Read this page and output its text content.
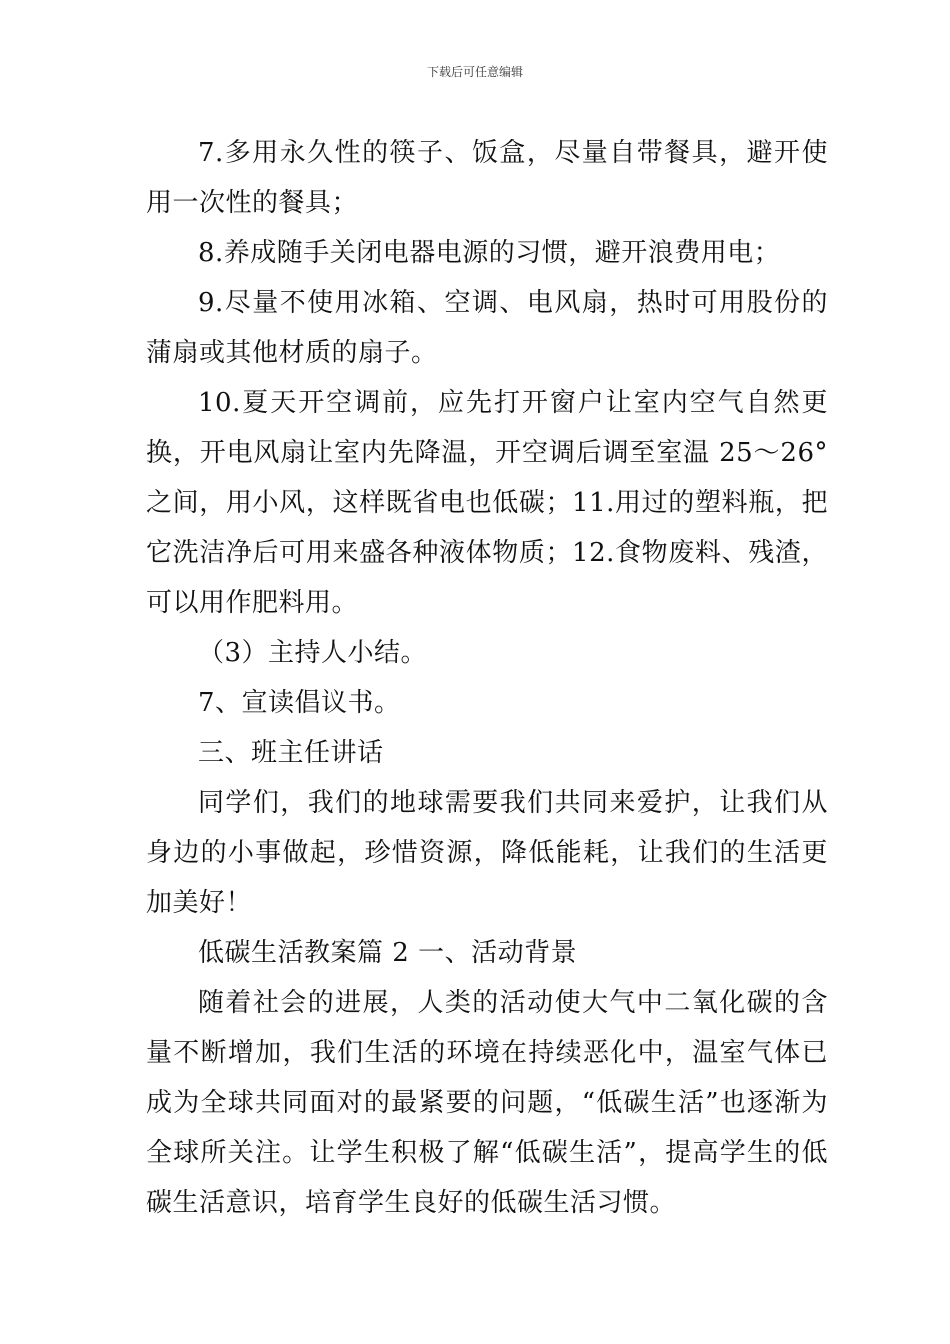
下载后可任意编辑

7.多用永久性的筷子、饭盒，尽量自带餐具，避开使用一次性的餐具；

8.养成随手关闭电器电源的习惯，避开浪费用电；

9.尽量不使用冰箱、空调、电风扇，热时可用股份的蒲扇或其他材质的扇子。

10.夏天开空调前，应先打开窗户让室内空气自然更换，开电风扇让室内先降温，开空调后调至室温 25～26° 之间，用小风，这样既省电也低碳；11.用过的塑料瓶，把它洗洁净后可用来盛各种液体物质；12.食物废料、残渣，可以用作肥料用。

（3）主持人小结。

7、宣读倡议书。

三、班主任讲话

同学们，我们的地球需要我们共同来爱护，让我们从身边的小事做起，珍惜资源，降低能耗，让我们的生活更加美好！

低碳生活教案篇 2 一、活动背景

随着社会的进展，人类的活动使大气中二氧化碳的含量不断增加，我们生活的环境在持续恶化中，温室气体已成为全球共同面对的最紧要的问题，“低碳生活”也逐渐为全球所关注。让学生积极了解“低碳生活”，提高学生的低碳生活意识，培育学生良好的低碳生活习惯。
